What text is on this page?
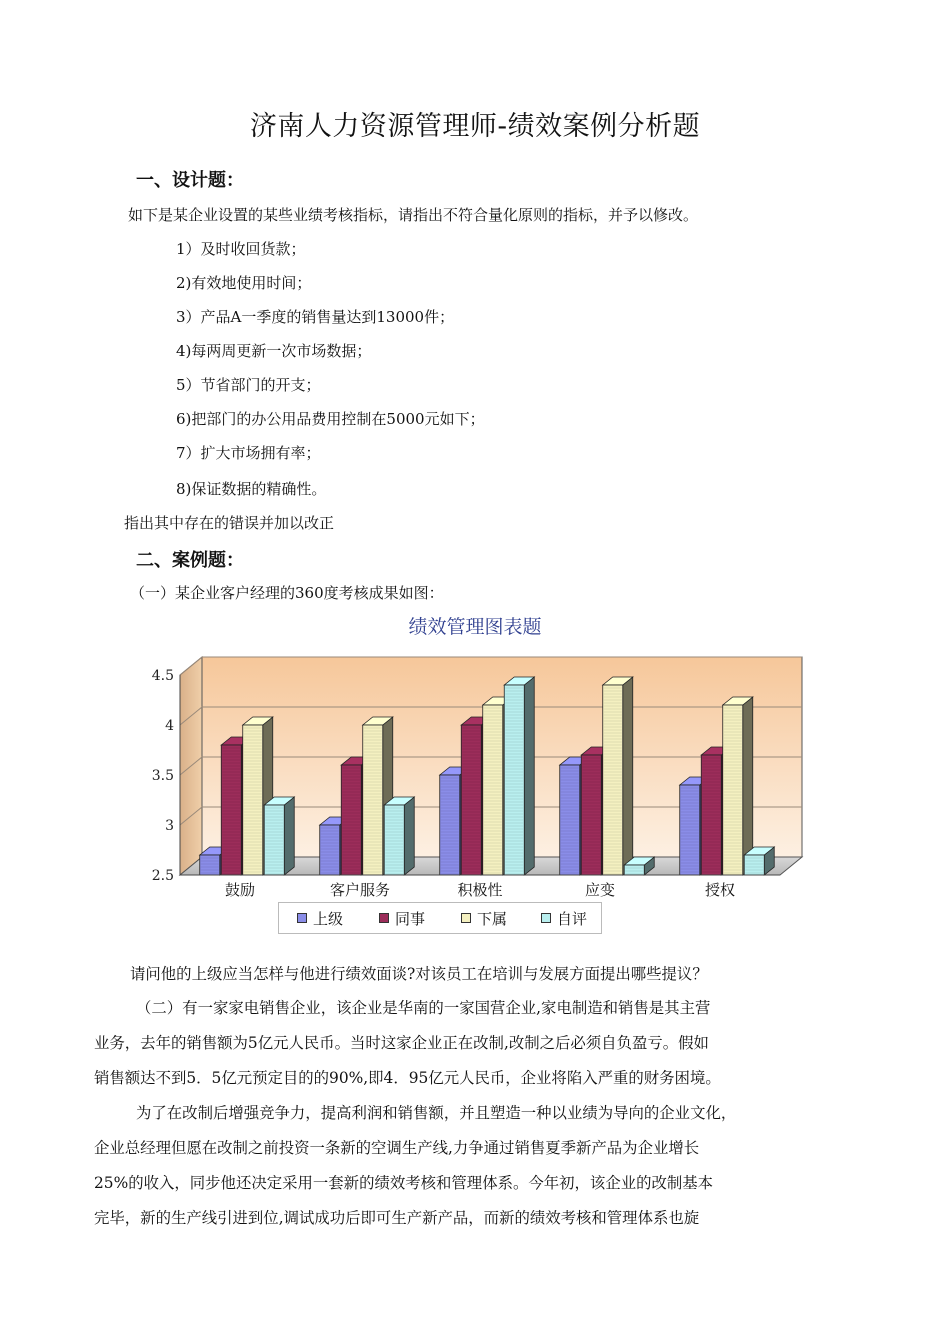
济南人力资源管理师-绩效案例分析题
一、设计题：
如下是某企业设置的某些业绩考核指标，请指出不符合量化原则的指标，并予以修改。
1）及时收回货款；
2)有效地使用时间；
3）产品A一季度的销售量达到13000件；
4)每两周更新一次市场数据；
5）节省部门的开支；
6)把部门的办公用品费用控制在5000元如下；
7）扩大市场拥有率；
8)保证数据的精确性。
指出其中存在的错误并加以改正
二、案例题：
（一）某企业客户经理的360度考核成果如图：
绩效管理图表题
4.5
4
3.5
3
2.5
鼓励	客户服务	积极性	应变	授权
上级	同事	下属	自评
请问他的上级应当怎样与他进行绩效面谈?对该员工在培训与发展方面提出哪些提议？
（二）有一家家电销售企业，该企业是华南的一家国营企业,家电制造和销售是其主营
业务，去年的销售额为5亿元人民币。当时这家企业正在改制,改制之后必须自负盈亏。假如
销售额达不到5．5亿元预定目的的90%,即4．95亿元人民币，企业将陷入严重的财务困境。
为了在改制后增强竞争力，提高利润和销售额，并且塑造一种以业绩为导向的企业文化，
企业总经理但愿在改制之前投资一条新的空调生产线,力争通过销售夏季新产品为企业增长
25%的收入，同步他还决定采用一套新的绩效考核和管理体系。今年初，该企业的改制基本
完毕，新的生产线引进到位,调试成功后即可生产新产品，而新的绩效考核和管理体系也旋
